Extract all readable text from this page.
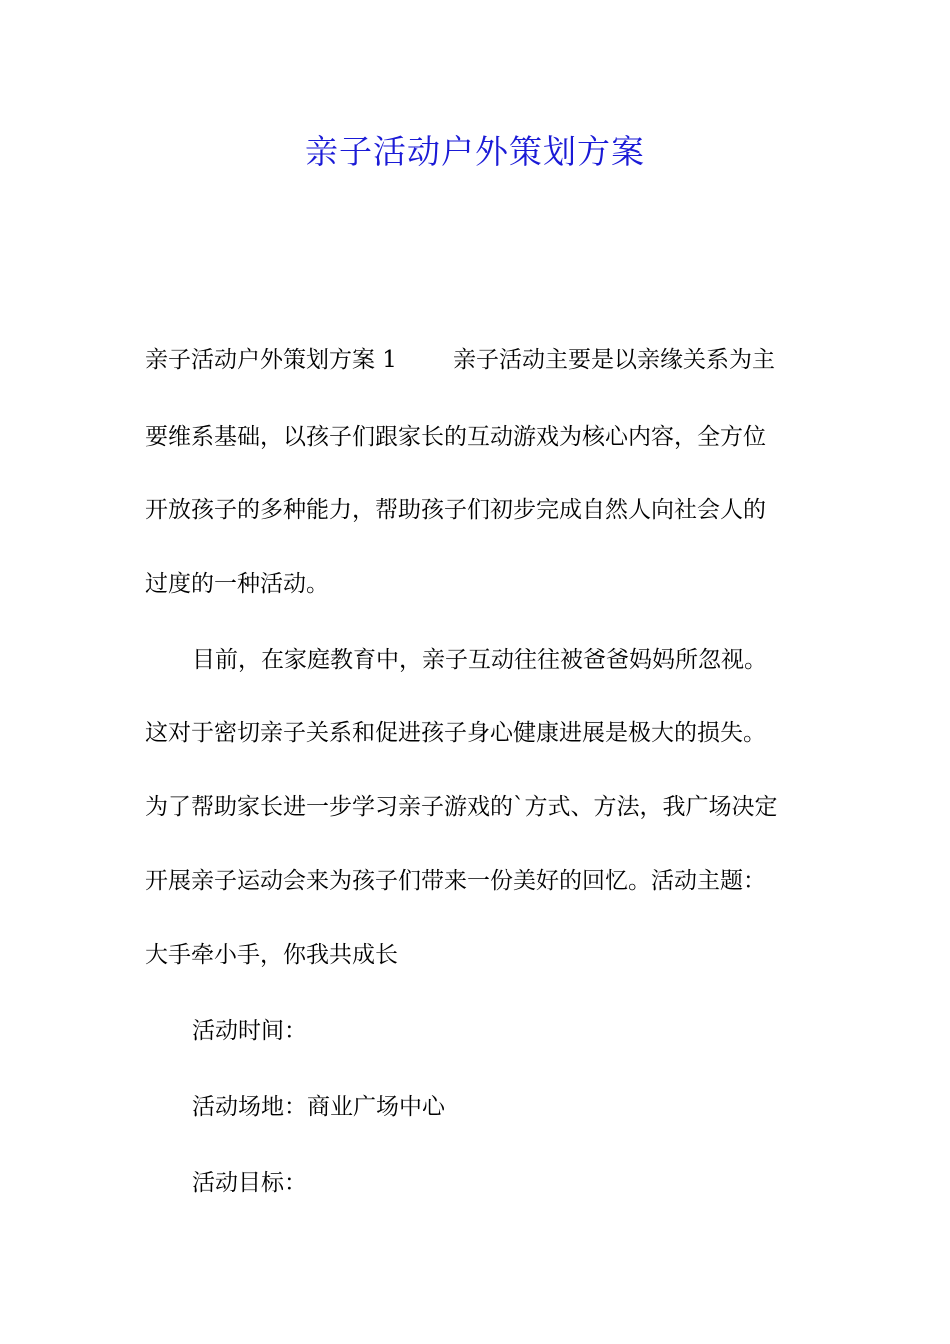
亲子活动户外策划方案

亲子活动户外策划方案 1 亲子活动主要是以亲缘关系为主

要维系基础，以孩子们跟家长的互动游戏为核心内容，全方位

开放孩子的多种能力，帮助孩子们初步完成自然人向社会人的

过度的一种活动。

目前，在家庭教育中，亲子互动往往被爸爸妈妈所忽视。

这对于密切亲子关系和促进孩子身心健康进展是极大的损失。

为了帮助家长进一步学习亲子游戏的`方式、方法，我广场决定

开展亲子运动会来为孩子们带来一份美好的回忆。活动主题：

大手牵小手，你我共成长

活动时间：

活动场地：商业广场中心

活动目标：
